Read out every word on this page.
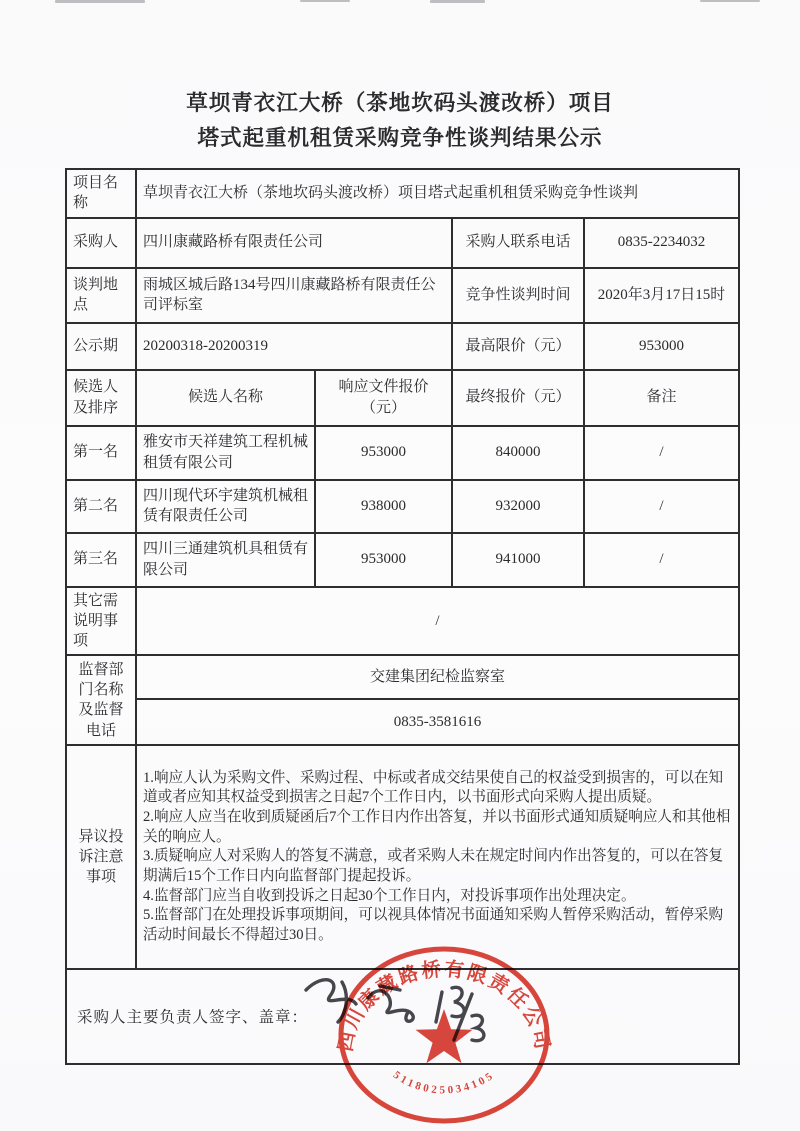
草坝青衣江大桥（茶地坎码头渡改桥）项目
塔式起重机租赁采购竞争性谈判结果公示
项目名称	草坝青衣江大桥（茶地坎码头渡改桥）项目塔式起重机租赁采购竞争性谈判			
采购人	四川康藏路桥有限责任公司		采购人联系电话	0835-2234032
谈判地点	雨城区城后路134号四川康藏路桥有限责任公司评标室		竞争性谈判时间	2020年3月17日15时
公示期	20200318-20200319		最高限价（元）	953000
候选人及排序	候选人名称	响应文件报价（元）	最终报价（元）	备注
第一名	雅安市天祥建筑工程机械租赁有限公司	953000	840000	/
第二名	四川现代环宇建筑机械租赁有限责任公司	938000	932000	/
第三名	四川三通建筑机具租赁有限公司	953000	941000	/
其它需说明事项	/			
监督部门名称及监督电话	交建集团纪检监察室			
	0835-3581616			
异议投诉注意事项	1.响应人认为采购文件、采购过程、中标或者成交结果使自己的权益受到损害的，可以在知道或者应知其权益受到损害之日起7个工作日内，以书面形式向采购人提出质疑。

2.响应人应当在收到质疑函后7个工作日内作出答复，并以书面形式通知质疑响应人和其他相关的响应人。

3.质疑响应人对采购人的答复不满意，或者采购人未在规定时间内作出答复的，可以在答复期满后15个工作日内向监督部门提起投诉。

4.监督部门应当自收到投诉之日起30个工作日内，对投诉事项作出处理决定。

5.监督部门在处理投诉事项期间，可以视具体情况书面通知采购人暂停采购活动，暂停采购活动时间最长不得超过30日。			

采购人主要负责人签字、盖章：				
四川康藏路桥有限责任公司
5118025034105
